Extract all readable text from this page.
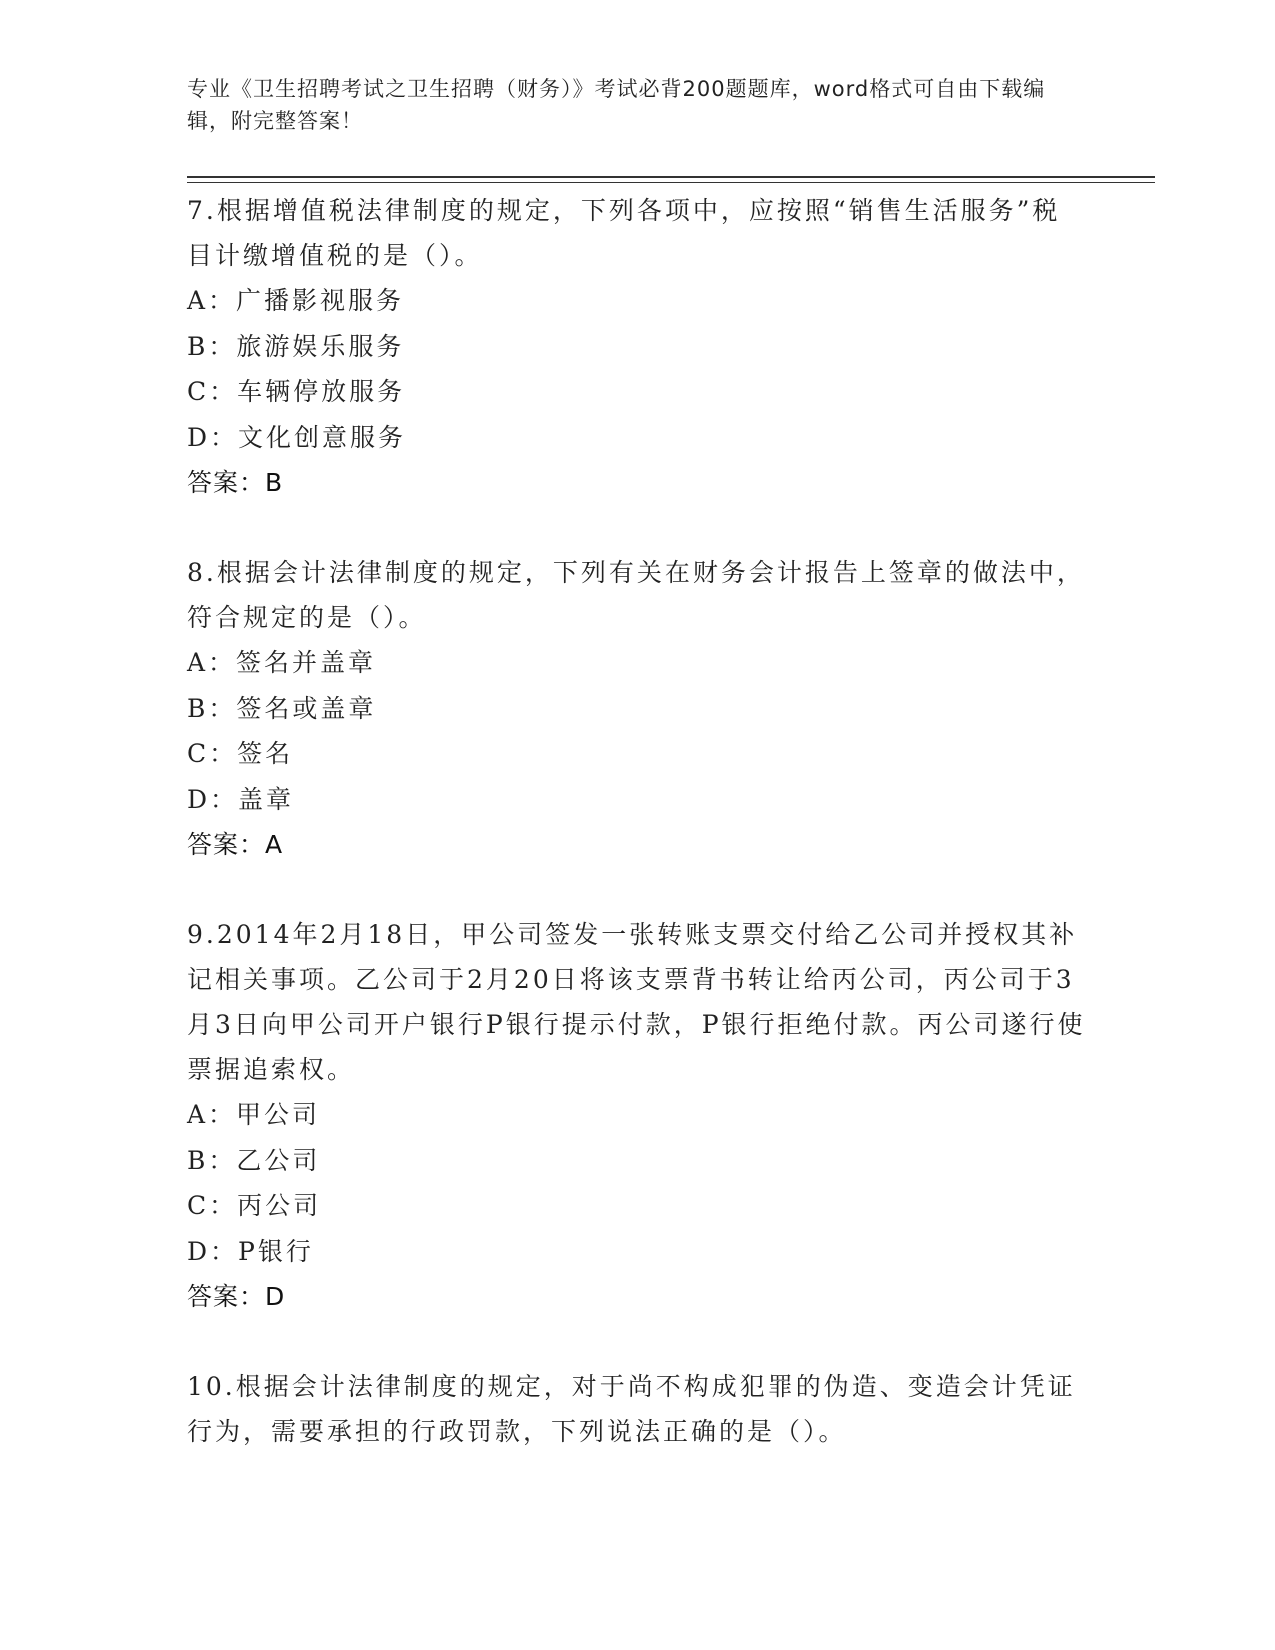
专业《卫生招聘考试之卫生招聘（财务）》考试必背200题题库，word格式可自由下载编辑，附完整答案！

7.根据增值税法律制度的规定，下列各项中，应按照“销售生活服务”税目计缴增值税的是（）。

A：广播影视服务

B：旅游娱乐服务

C：车辆停放服务

D：文化创意服务

答案：B

8.根据会计法律制度的规定，下列有关在财务会计报告上签章的做法中，符合规定的是（）。

A：签名并盖章

B：签名或盖章

C：签名

D：盖章

答案：A

9.2014年2月18日，甲公司签发一张转账支票交付给乙公司并授权其补记相关事项。乙公司于2月20日将该支票背书转让给丙公司，丙公司于3月3日向甲公司开户银行P银行提示付款，P银行拒绝付款。丙公司遂行使票据追索权。

A：甲公司

B：乙公司

C：丙公司

D：P银行

答案：D

10.根据会计法律制度的规定，对于尚不构成犯罪的伪造、变造会计凭证行为，需要承担的行政罚款，下列说法正确的是（）。
